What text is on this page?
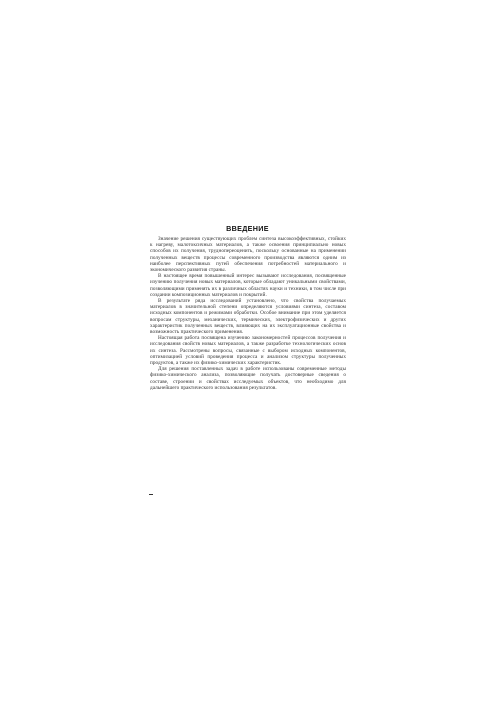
ВВЕДЕНИЕ

Значение решения существующих проблем синтеза высокоэффективных, стойких к нагреву, малотоксичных материалов, а также освоения принципиально новых способов их получения, труднопереоценить, поскольку основанные на применении полученных веществ процессы современного производства являются одним из наиболее перспективных путей обеспечения потребностей материального и экономического развития страны.

В настоящее время повышенный интерес вызывают исследования, посвященные изучению получения новых материалов, которые обладают уникальными свойствами, позволяющими применять их в различных областях науки и техники, в том числе при создании композиционных материалов и покрытий.

В результате ряда исследований установлено, что свойства получаемых материалов в значительной степени определяются условиями синтеза, составом исходных компонентов и режимами обработки. Особое внимание при этом уделяется вопросам структуры, механических, термических, электрофизических и других характеристик полученных веществ, влияющих на их эксплуатационные свойства и возможность практического применения.

Настоящая работа посвящена изучению закономерностей процессов получения и исследования свойств новых материалов, а также разработке технологических основ их синтеза. Рассмотрены вопросы, связанные с выбором исходных компонентов, оптимизацией условий проведения процесса и анализом структуры полученных продуктов, а также их физико-химических характеристик.

Для решения поставленных задач в работе использованы современные методы физико-химического анализа, позволяющие получать достоверные сведения о составе, строении и свойствах исследуемых объектов, что необходимо для дальнейшего практического использования результатов.
